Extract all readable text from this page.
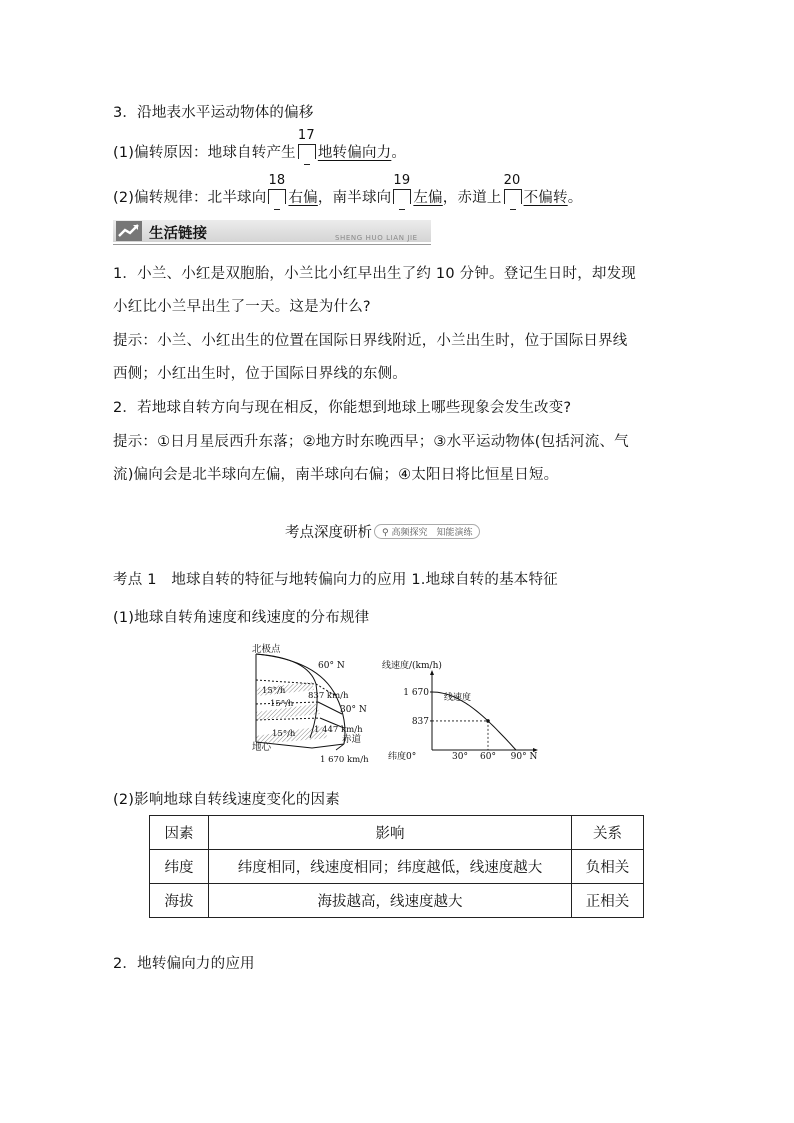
3．沿地表水平运动物体的偏移
(1)偏转原因：地球自转产生
17
地转偏向力。
(2)偏转规律：北半球向
18
右偏，南半球向
19
左偏，赤道上
20
不偏转。
生活链接	SHENG HUO LIAN JIE
1．小兰、小红是双胞胎，小兰比小红早出生了约 10 分钟。登记生日时，却发现
小红比小兰早出生了一天。这是为什么?
提示：小兰、小红出生的位置在国际日界线附近，小兰出生时，位于国际日界线
西侧；小红出生时，位于国际日界线的东侧。
2．若地球自转方向与现在相反，你能想到地球上哪些现象会发生改变?
提示：①日月星辰西升东落；②地方时东晚西早；③水平运动物体(包括河流、气
流)偏向会是北半球向左偏，南半球向右偏；④太阳日将比恒星日短。
考点深度研析 ⚲ 高频探究　知能演练
考点 1　地球自转的特征与地转偏向力的应用 1.地球自转的基本特征
(1)地球自转角速度和线速度的分布规律
北极点
60° N
15°/h	837 km/h
15°/h
30° N
1 447 km/h
15°/h	赤道
地心
1 670 km/h
线速度/(km/h)
纬度
线速度
1 670
837
0°	30° 60° 90° N
(2)影响地球自转线速度变化的因素
因素	影响	关系
纬度	纬度相同，线速度相同；纬度越低，线速度越大	负相关
海拔	海拔越高，线速度越大	正相关
2．地转偏向力的应用
